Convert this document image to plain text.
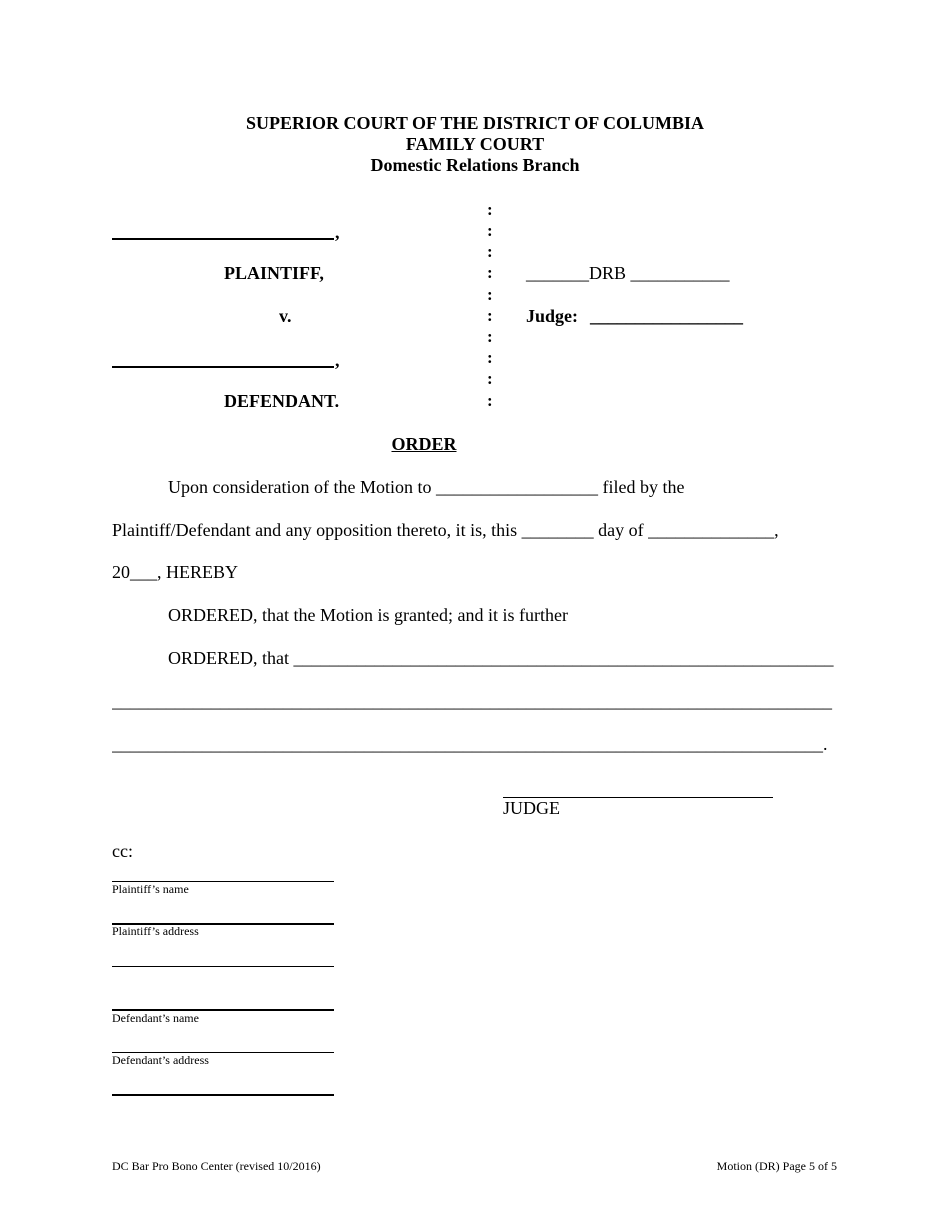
SUPERIOR COURT OF THE DISTRICT OF COLUMBIA
FAMILY COURT
Domestic Relations Branch
,
PLAINTIFF,
v.
,
DEFENDANT.
:
:
:
:
:
:
:
:
:
:
_______DRB ___________
Judge: _________________
ORDER
Upon consideration of the Motion to __________________ filed by the
Plaintiff/Defendant and any opposition thereto, it is, this ________ day of ______________,
20___, HEREBY
ORDERED, that the Motion is granted; and it is further
ORDERED, that ____________________________________________________________
________________________________________________________________________________
_______________________________________________________________________________.
JUDGE
cc:
Plaintiff’s name
Plaintiff’s address
Defendant’s name
Defendant’s address
DC Bar Pro Bono Center (revised 10/2016)	Motion (DR) Page 5 of 5
